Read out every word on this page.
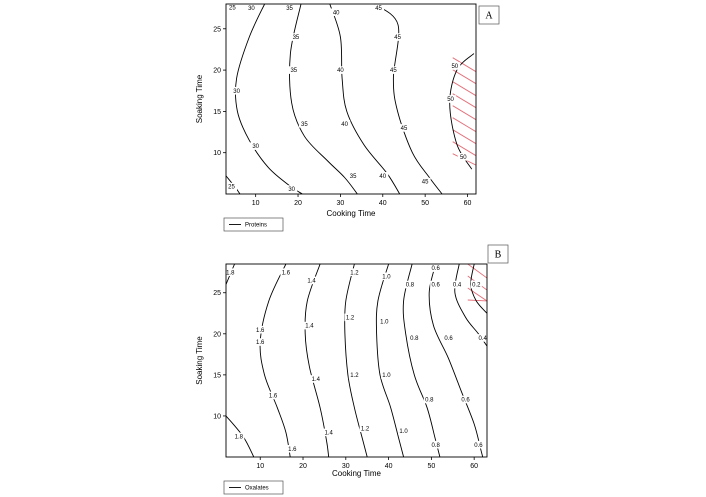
25
25
30
30
30
30
35
35
35
35
35
40
40
40
40
45
45
45
45
45
50
50
50
10	20	30	40	50	60
10
15
20
25
Cooking Time
Soaking Time
A
Proteins
1.8
1.8
1.6
1.6
1.6
1.6
1.6
1.4
1.4
1.4
1.4
1.2
1.2
1.2
1.2
1.0
1.0
1.0
1.0
0.8
0.8
0.8
0.8
0.6
0.6
0.6
0.6
0.6
0.4
0.4
0.2
10	20	30	40	50	60
10
15
20
25
Cooking Time
Soaking Time
B
Oxalates
